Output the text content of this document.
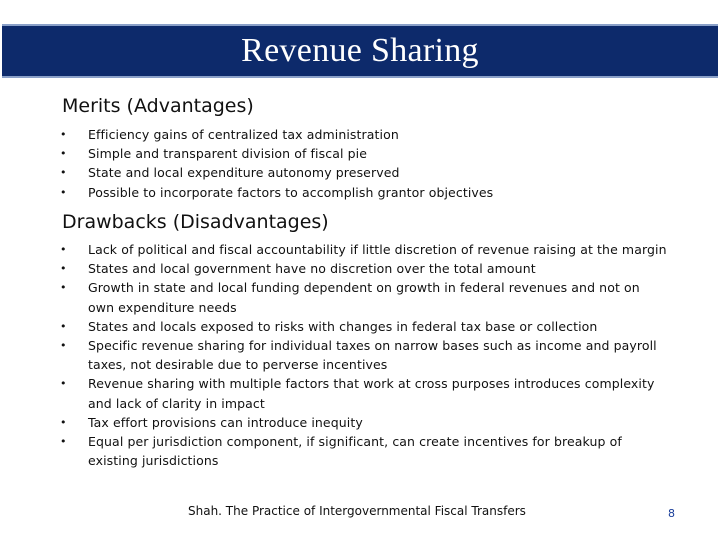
Revenue Sharing
Merits (Advantages)
• Efficiency gains of centralized tax administration
• Simple and transparent division of fiscal pie
• State and local expenditure autonomy preserved
• Possible to incorporate factors to accomplish grantor objectives
Drawbacks (Disadvantages)
• Lack of political and fiscal accountability if little discretion of revenue raising at the margin
• States and local government have no discretion over the total amount
• Growth in state and local funding dependent on growth in federal revenues and not on own expenditure needs
• States and locals exposed to risks with changes in federal tax base or collection
• Specific revenue sharing for individual taxes on narrow bases such as income and payroll taxes, not desirable due to perverse incentives
• Revenue sharing with multiple factors that work at cross purposes introduces complexity and lack of clarity in impact
• Tax effort provisions can introduce inequity
• Equal per jurisdiction component, if significant, can create incentives for breakup of existing jurisdictions
Shah. The Practice of Intergovernmental Fiscal Transfers	8
